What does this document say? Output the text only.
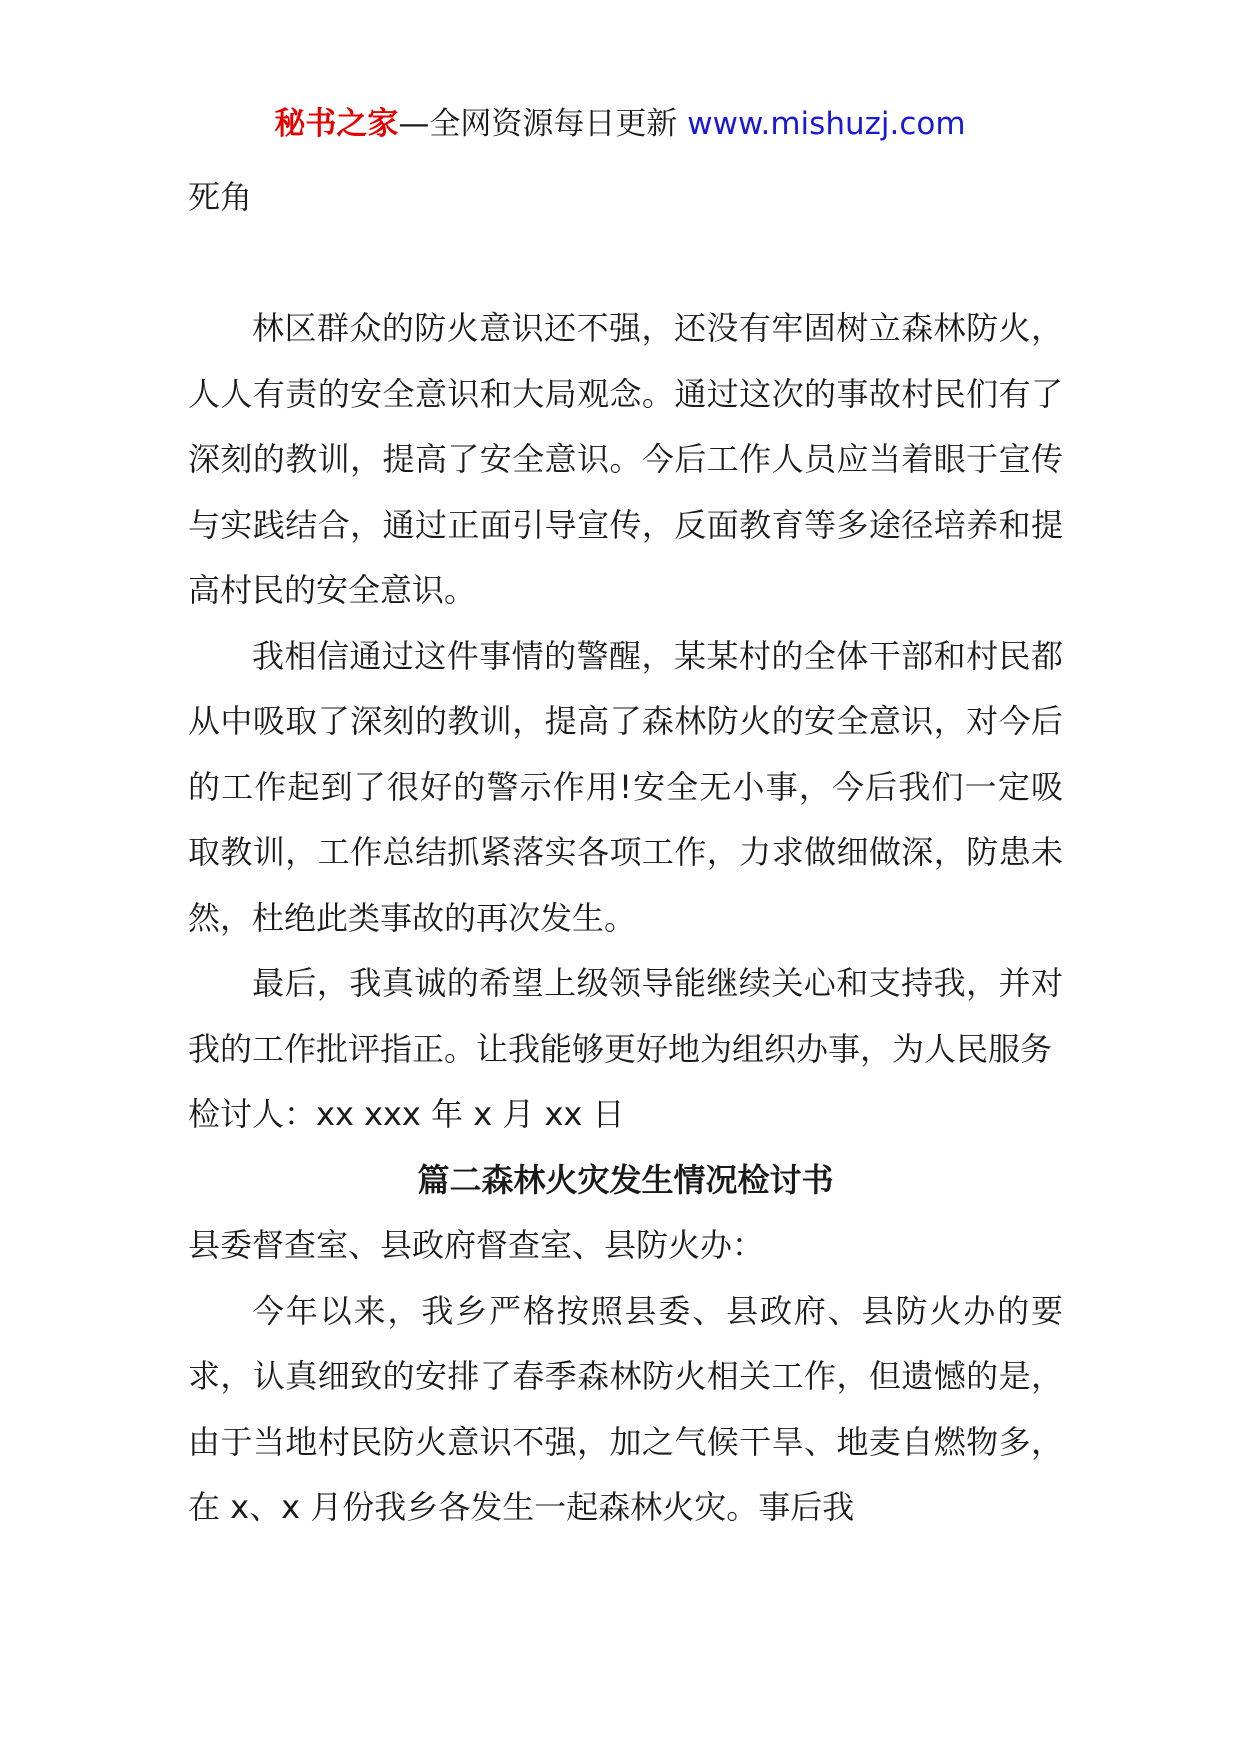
秘书之家—全网资源每日更新 www.mishuzj.com

死角

林区群众的防火意识还不强，还没有牢固树立森林防火，人人有责的安全意识和大局观念。通过这次的事故村民们有了深刻的教训，提高了安全意识。今后工作人员应当着眼于宣传与实践结合，通过正面引导宣传，反面教育等多途径培养和提高村民的安全意识。

我相信通过这件事情的警醒，某某村的全体干部和村民都从中吸取了深刻的教训，提高了森林防火的安全意识，对今后的工作起到了很好的警示作用!安全无小事，今后我们一定吸取教训，工作总结抓紧落实各项工作，力求做细做深，防患未然，杜绝此类事故的再次发生。

最后，我真诚的希望上级领导能继续关心和支持我，并对我的工作批评指正。让我能够更好地为组织办事，为人民服务

检讨人：xx xxx 年 x 月 xx 日

篇二森林火灾发生情况检讨书

县委督查室、县政府督查室、县防火办：

今年以来，我乡严格按照县委、县政府、县防火办的要求，认真细致的安排了春季森林防火相关工作，但遗憾的是，由于当地村民防火意识不强，加之气候干旱、地麦自燃物多，在 x、x 月份我乡各发生一起森林火灾。事后我
